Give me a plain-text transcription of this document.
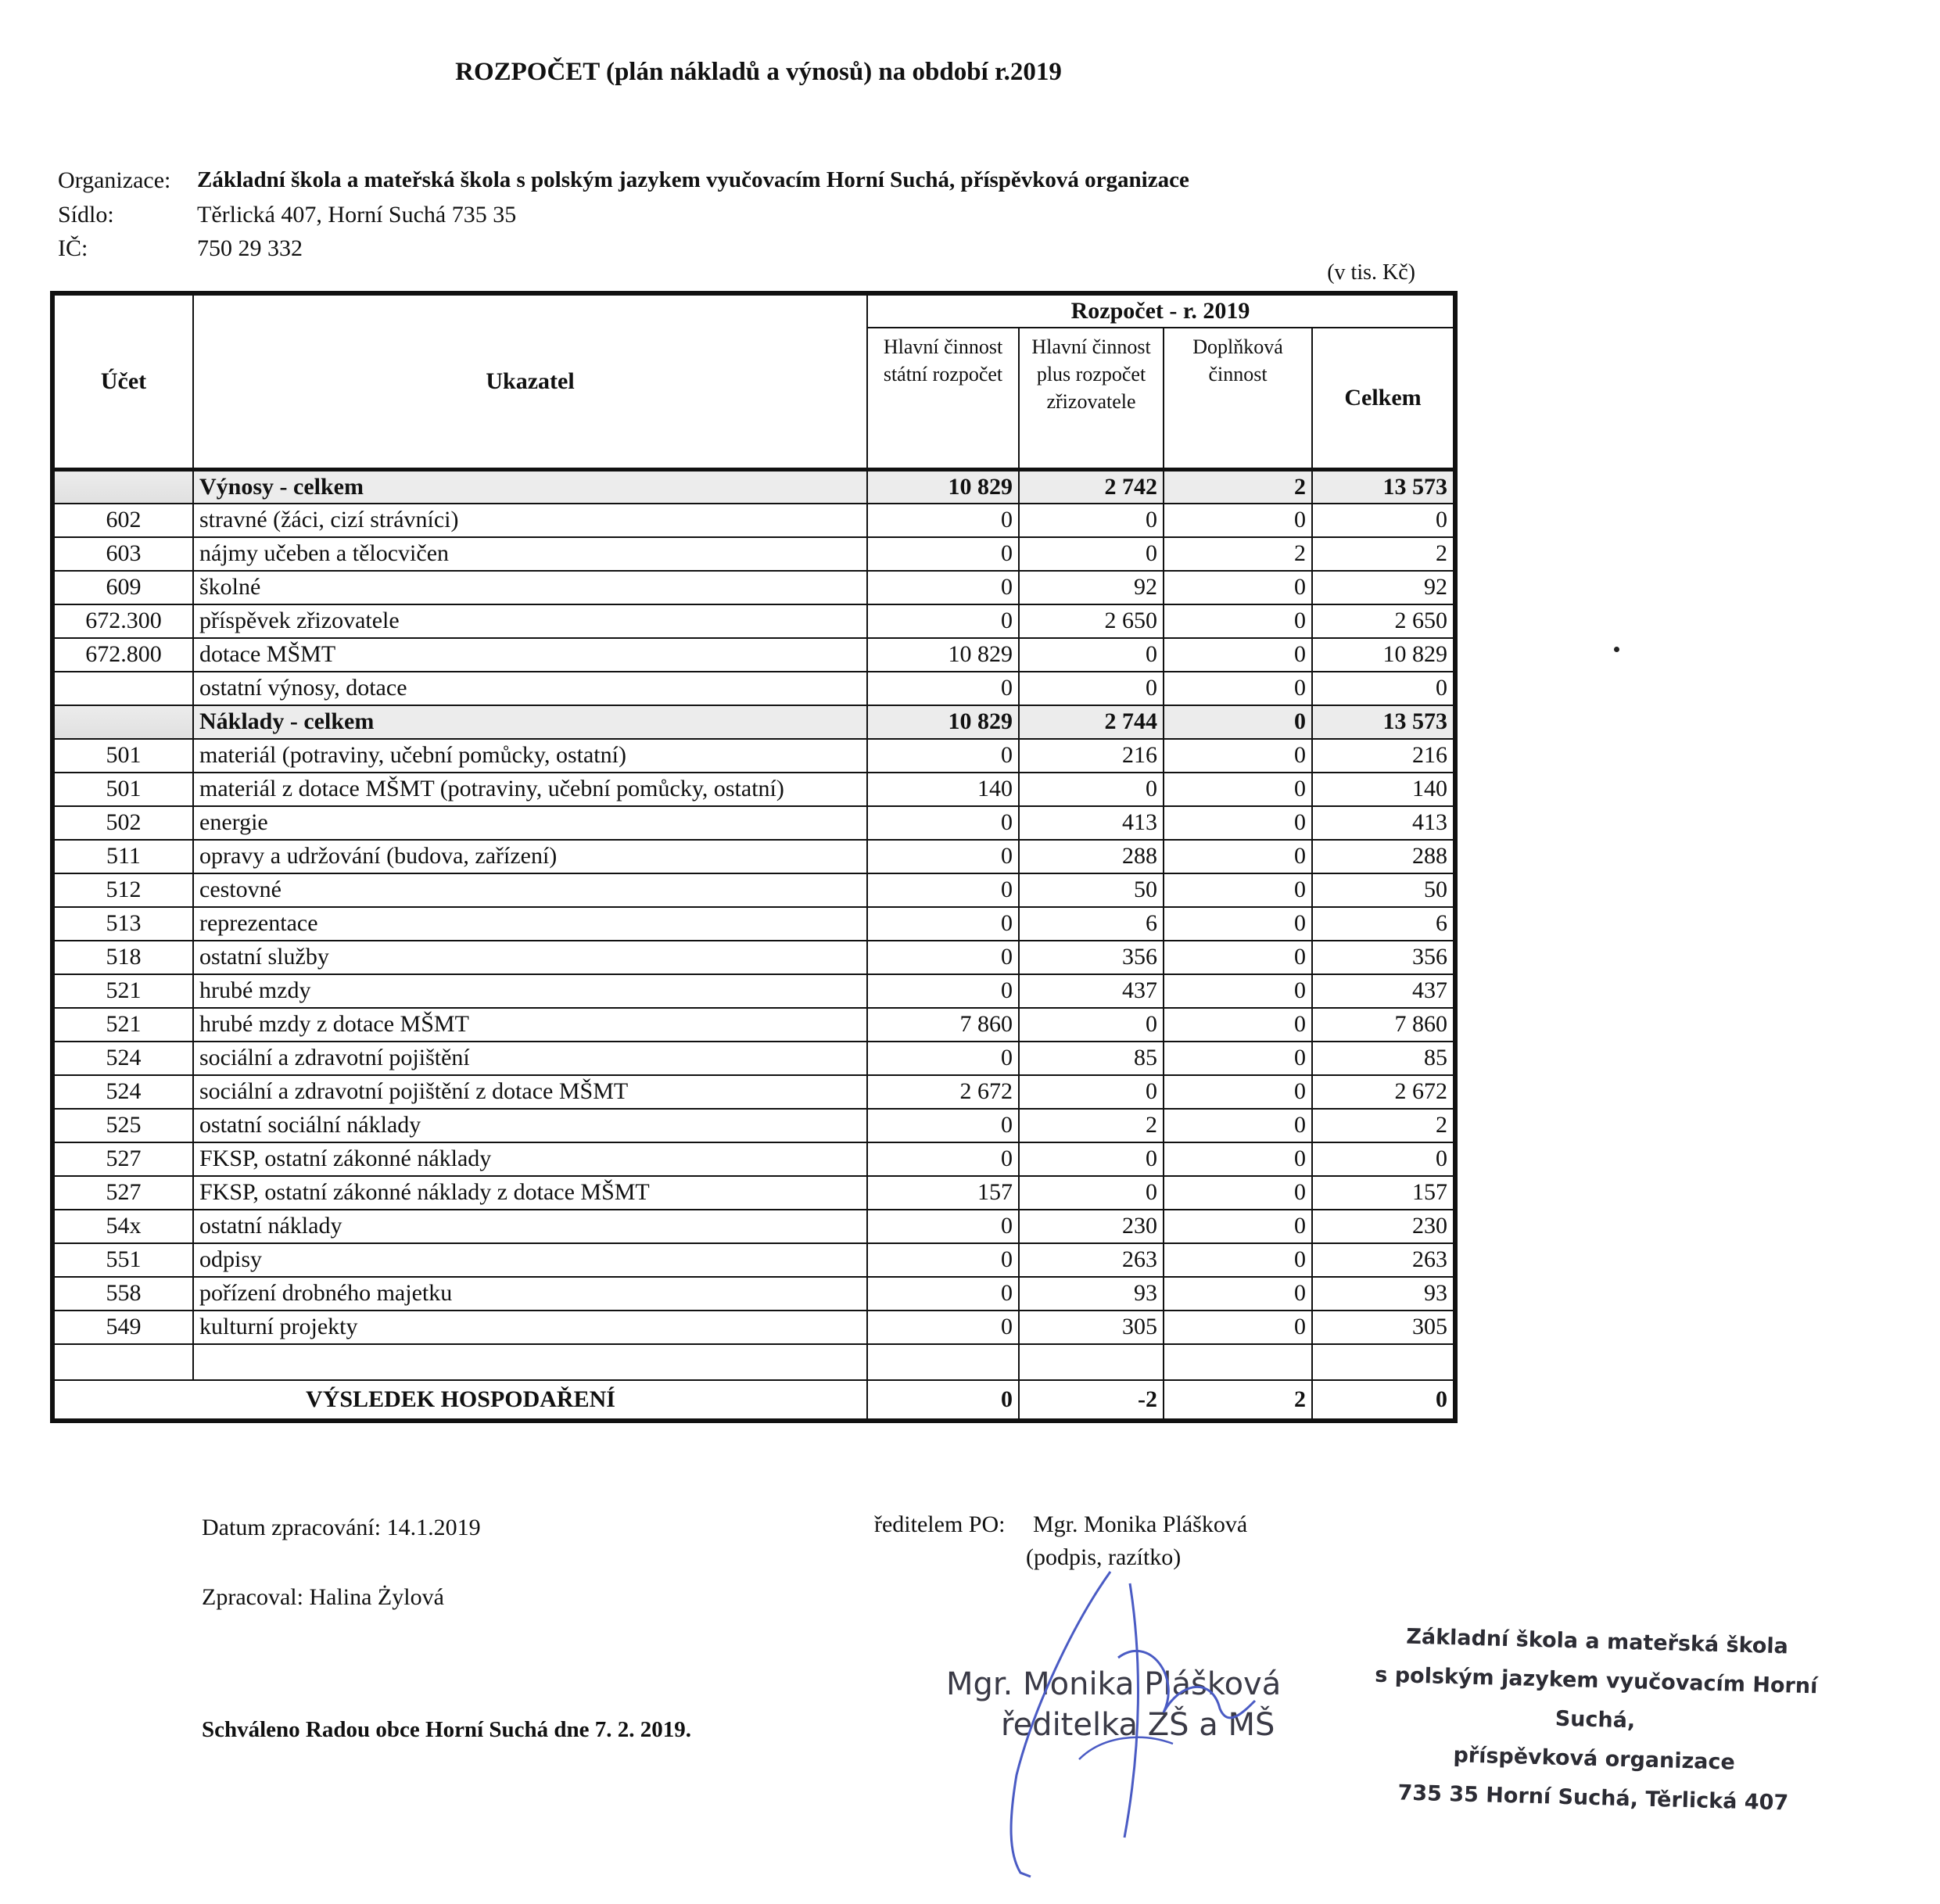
ROZPOČET (plán nákladů a výnosů) na období r.2019
Organizace: Základní škola a mateřská škola s polským jazykem vyučovacím Horní Suchá, příspěvková organizace
Sídlo:	Těrlická 407, Horní Suchá 735 35
IČ:	750 29 332
(v tis. Kč)
Účet	Ukazatel	Rozpočet - r. 2019			
		Hlavní činnost státní rozpočet	Hlavní činnost plus rozpočet zřizovatele	Doplňková činnost	Celkem
	Výnosy - celkem	10 829	2 742	2	13 573
602	stravné (žáci, cizí strávníci)	0	0	0	0
603	nájmy učeben a tělocvičen	0	0	2	2
609	školné	0	92	0	92
672.300	příspěvek zřizovatele	0	2 650	0	2 650
672.800	dotace MŠMT	10 829	0	0	10 829
	ostatní výnosy, dotace	0	0	0	0
	Náklady - celkem	10 829	2 744	0	13 573
501	materiál (potraviny, učební pomůcky, ostatní)	0	216	0	216
501	materiál z dotace MŠMT (potraviny, učební pomůcky, ostatní)	140	0	0	140
502	energie	0	413	0	413
511	opravy a udržování (budova, zařízení)	0	288	0	288
512	cestovné	0	50	0	50
513	reprezentace	0	6	0	6
518	ostatní služby	0	356	0	356
521	hrubé mzdy	0	437	0	437
521	hrubé mzdy z dotace MŠMT	7 860	0	0	7 860
524	sociální a zdravotní pojištění	0	85	0	85
524	sociální a zdravotní pojištění z dotace MŠMT	2 672	0	0	2 672
525	ostatní sociální náklady	0	2	0	2
527	FKSP, ostatní zákonné náklady	0	0	0	0
527	FKSP, ostatní zákonné náklady z dotace MŠMT	157	0	0	157
54x	ostatní náklady	0	230	0	230
551	odpisy	0	263	0	263
558	pořízení drobného majetku	0	93	0	93
549	kulturní projekty	0	305	0	305

VÝSLEDEK HOSPODAŘENÍ		0	-2	2	0
Datum zpracování: 14.1.2019
Zpracoval: Halina Żylová
Schváleno Radou obce Horní Suchá dne 7. 2. 2019.
ředitelem PO: Mgr. Monika Plášková
(podpis, razítko)
Mgr. Monika Plášková
ředitelka ZŠ a MŠ
Základní škola a mateřská škola
s polským jazykem vyučovacím Horní Suchá,
příspěvková organizace
735 35 Horní Suchá, Těrlická 407
